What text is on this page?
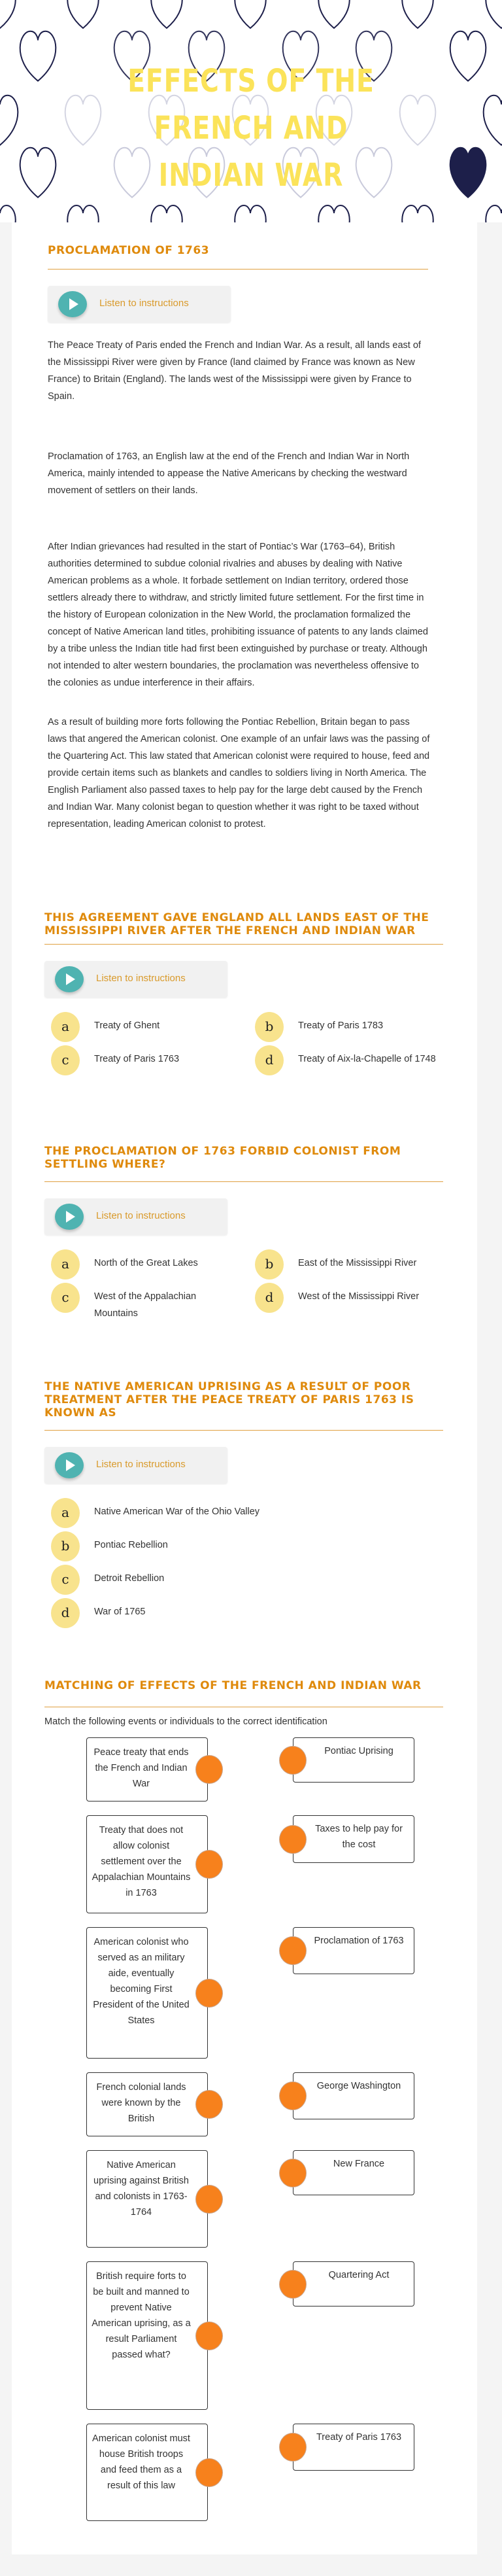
EFFECTS OF THE FRENCH AND INDIAN WAR
PROCLAMATION OF 1763
Listen to instructions

The Peace Treaty of Paris ended the French and Indian War. As a result, all lands east of the Mississippi River were given by France (land claimed by France was known as New France) to Britain (England). The lands west of the Mississippi were given by France to Spain.

Proclamation of 1763, an English law at the end of the French and Indian War in North America, mainly intended to appease the Native Americans by checking the westward movement of settlers on their lands.

After Indian grievances had resulted in the start of Pontiac’s War (1763–64), British authorities determined to subdue colonial rivalries and abuses by dealing with Native American problems as a whole. It forbade settlement on Indian territory, ordered those settlers already there to withdraw, and strictly limited future settlement. For the first time in the history of European colonization in the New World, the proclamation formalized the concept of Native American land titles, prohibiting issuance of patents to any lands claimed by a tribe unless the Indian title had first been extinguished by purchase or treaty. Although not intended to alter western boundaries, the proclamation was nevertheless offensive to the colonies as undue interference in their affairs.

As a result of building more forts following the Pontiac Rebellion, Britain began to pass laws that angered the American colonist. One example of an unfair laws was the passing of the Quartering Act. This law stated that American colonist were required to house, feed and provide certain items such as blankets and candles to soldiers living in North America. The English Parliament also passed taxes to help pay for the large debt caused by the French and Indian War. Many colonist began to question whether it was right to be taxed without representation, leading American colonist to protest.

THIS AGREEMENT GAVE ENGLAND ALL LANDS EAST OF THE MISSISSIPPI RIVER AFTER THE FRENCH AND INDIAN WAR
Listen to instructions
a	Treaty of Ghent	b	Treaty of Paris 1783
c	Treaty of Paris 1763	d	Treaty of Aix-la-Chapelle of 1748
THE PROCLAMATION OF 1763 FORBID COLONIST FROM SETTLING WHERE?
Listen to instructions
a	North of the Great Lakes	b	East of the Mississippi River
c	West of the Appalachian Mountains
d	West of the Mississippi River
THE NATIVE AMERICAN UPRISING AS A RESULT OF POOR TREATMENT AFTER THE PEACE TREATY OF PARIS 1763 IS KNOWN AS
Listen to instructions
a	Native American War of the Ohio Valley
b	Pontiac Rebellion
c	Detroit Rebellion
d	War of 1765
MATCHING OF EFFECTS OF THE FRENCH AND INDIAN WAR
Match the following events or individuals to the correct identification
Peace treaty that ends the French and Indian War
Pontiac Uprising
Treaty that does not allow colonist settlement over the Appalachian Mountains in 1763
Taxes to help pay for the cost
American colonist who served as an military aide, eventually becoming First President of the United States
Proclamation of 1763
French colonial lands were known by the British
George Washington
Native American uprising against British and colonists in 1763-1764
New France
British require forts to be built and manned to prevent Native American uprising, as a result Parliament passed what?
Quartering Act
American colonist must house British troops and feed them as a result of this law
Treaty of Paris 1763
